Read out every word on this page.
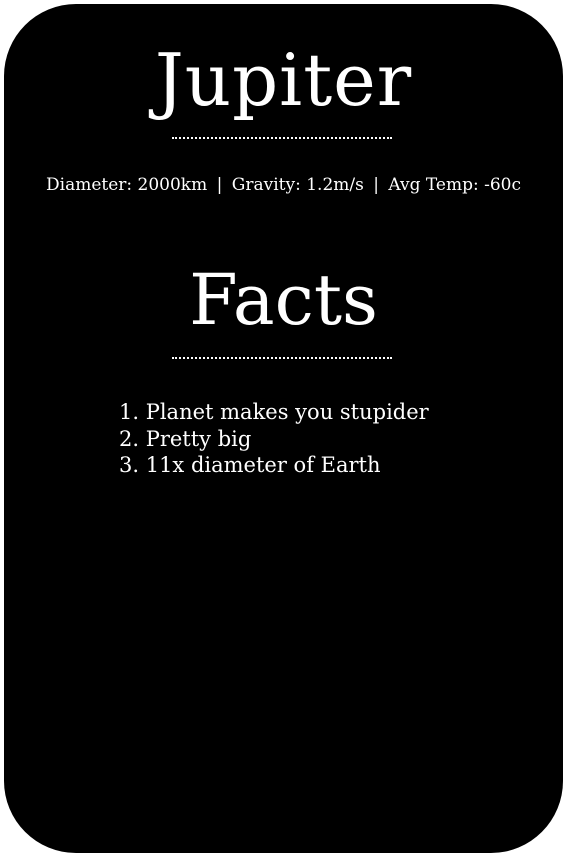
Jupiter
Diameter: 2000km | Gravity: 1.2m/s | Avg Temp: -60c
Facts
1. Planet makes you stupider
2. Pretty big
3. 11x diameter of Earth
